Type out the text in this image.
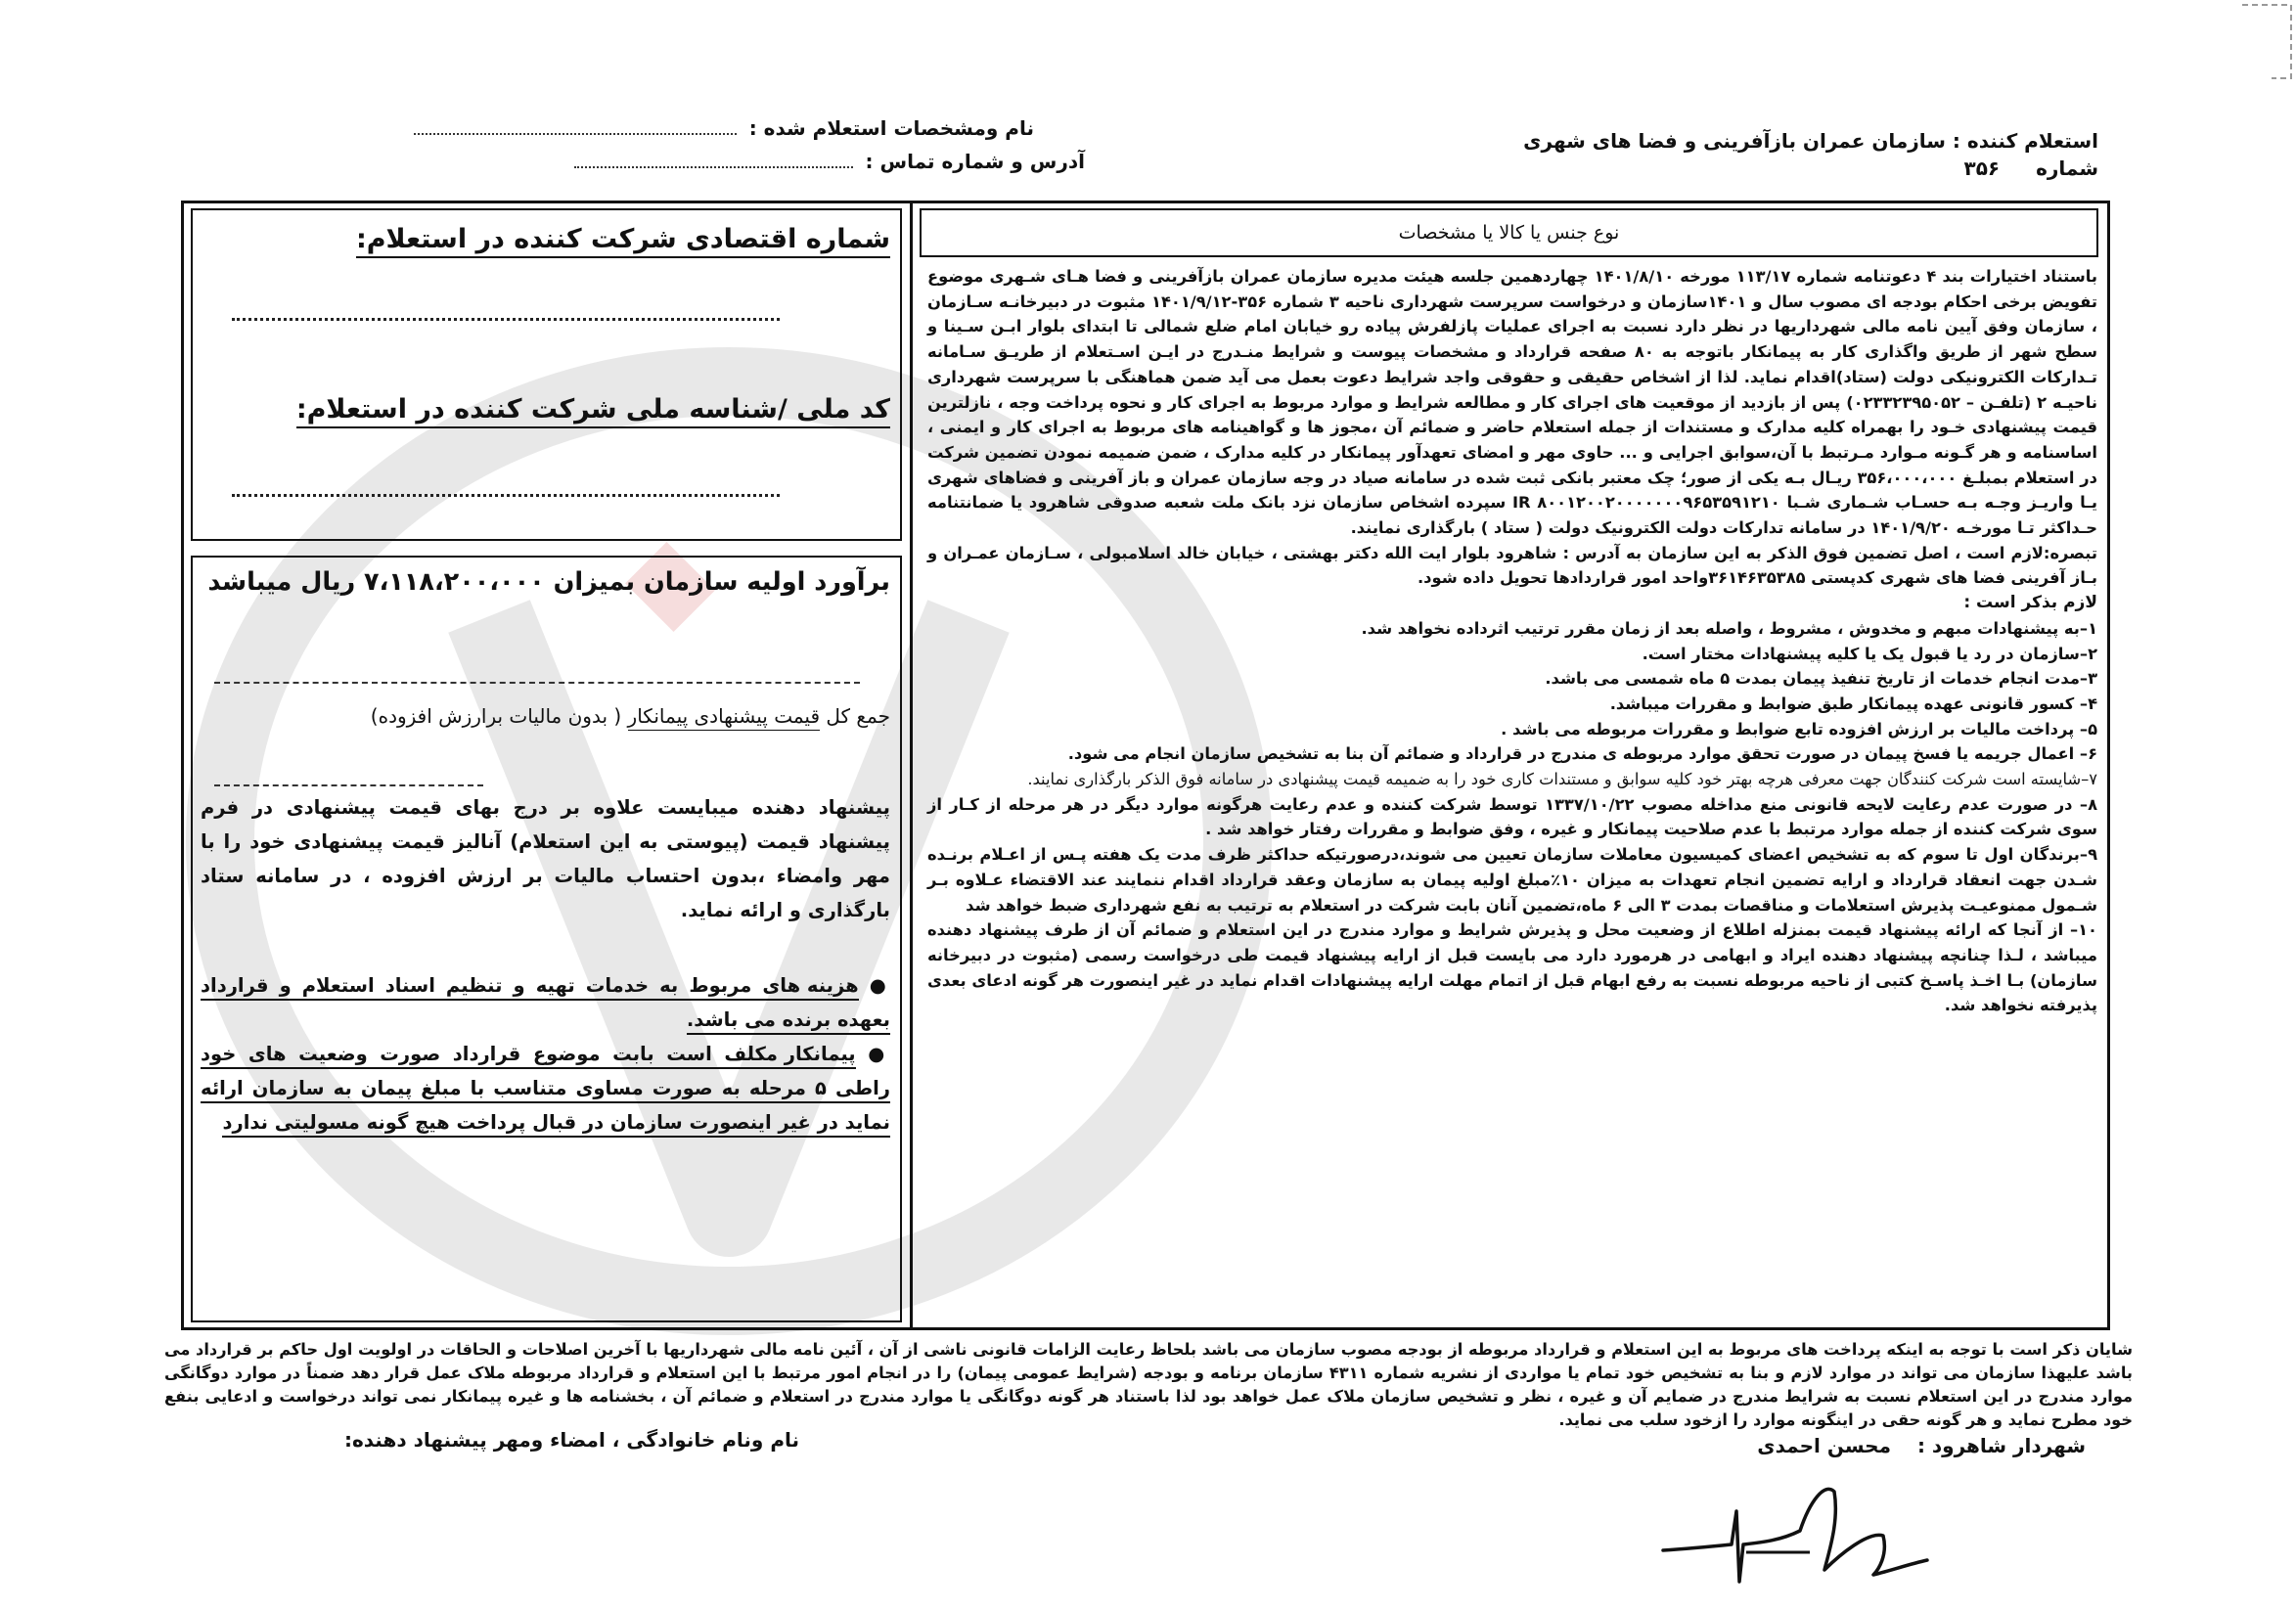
استعلام کننده : سازمان عمران بازآفرینی و فضا های شهری
شماره ۳۵۶
نام ومشخصات استعلام شده :
آدرس و شماره تماس :
نوع جنس یا کالا یا مشخصات

باستناد اختیارات بند ۴ دعوتنامه شماره ۱۱۳/۱۷ مورخه ۱۴۰۱/۸/۱۰ چهاردهمین جلسه هیئت مدیره سازمان عمران بازآفرینی و فضا هـای شـهری موضوع تفویض برخی احکام بودجه ای مصوب سال و ۱۴۰۱سازمان و درخواست سرپرست شهرداری ناحیه ۳ شماره ۳۵۶-۱۴۰۱/۹/۱۲ مثبوت در دبیرخانـه سـازمان ، سازمان وفق آیین نامه مالی شهرداریها در نظر دارد نسبت به اجرای عملیات پازلفرش پیاده رو خیابان امام ضلع شمالی تا ابتدای بلوار ابـن سـینا و سطح شهر از طریق واگذاری کار به پیمانکار باتوجه به ۸۰ صفحه قرارداد و مشخصات پیوست و شرایط منـدرج در ایـن اسـتعلام از طریـق سـامانه تـدارکات الکترونیکی دولت (ستاد)اقدام نماید. لذا از اشخاص حقیقی و حقوقی واجد شرایط دعوت بعمل می آید ضمن هماهنگی با سرپرست شهرداری ناحیـه ۲ (تلفـن – ۰۲۳۳۲۳۹۵۰۵۲) پس از بازدید از موقعیت های اجرای کار و مطالعه شرایط و موارد مربوط به اجرای کار و نحوه پرداخت وجه ، نازلترین قیمت پیشنهادی خـود را بهمراه کلیه مدارک و مستندات از جمله استعلام حاضر و ضمائم آن ،مجوز ها و گواهینامه های مربوط به اجرای کار و ایمنی ، اساسنامه و هر گـونه مـوارد مـرتبط با آن،سوابق اجرایی و ... حاوی مهر و امضای تعهدآور پیمانکار در کلیه مدارک ، ضمن ضمیمه نمودن تضمین شرکت در استعلام بمبلـغ ۳۵۶،۰۰۰،۰۰۰ ریـال بـه یکی از صور؛ چک معتبر بانکی ثبت شده در سامانه صیاد در وجه سازمان عمران و باز آفرینی و فضاهای شهری یـا واریـز وجـه بـه حسـاب شـماری شـبا IR ۸۰۰۱۲۰۰۲۰۰۰۰۰۰۰۹۶۵۳۵۹۱۲۱۰ سپرده اشخاص سازمان نزد بانک ملت شعبه صدوقی شاهرود یا ضمانتنامه حـداکثر تـا مورخـه ۱۴۰۱/۹/۲۰ در سامانه تدارکات دولت الکترونیک دولت ( ستاد ) بارگذاری نمایند.

تبصره:لازم است ، اصل تضمین فوق الذکر به این سازمان به آدرس : شاهرود بلوار ایت الله دکتر بهشتی ، خیابان خالد اسلامبولی ، سـازمان عمـران و بـاز آفرینی فضا های شهری کدپستی ۳۶۱۴۶۳۵۳۸۵واحد امور قراردادها تحویل داده شود.

لازم بذکر است :

۱–به پیشنهادات مبهم و مخدوش ، مشروط ، واصله بعد از زمان مقرر ترتیب اثرداده نخواهد شد.

۲–سازمان در رد یا قبول یک یا کلیه پیشنهادات مختار است.

۳–مدت انجام خدمات از تاریخ تنفیذ پیمان بمدت ۵ ماه شمسی می باشد.

۴– کسور قانونی عهده پیمانکار طبق ضوابط و مقررات میباشد.

۵– پرداخت مالیات بر ارزش افزوده تابع ضوابط و مقررات مربوطه می باشد .

۶– اعمال جریمه یا فسخ پیمان در صورت تحقق موارد مربوطه ی مندرج در قرارداد و ضمائم آن بنا به تشخیص سازمان انجام می شود.

۷–شایسته است شرکت کنندگان جهت معرفی هرچه بهتر خود کلیه سوابق و مستندات کاری خود را به ضمیمه قیمت پیشنهادی در سامانه فوق الذکر بارگذاری نمایند.

۸– در صورت عدم رعایت لایحه قانونی منع مداخله مصوب ۱۳۳۷/۱۰/۲۲ توسط شرکت کننده و عدم رعایت هرگونه موارد دیگر در هر مرحله از کـار از سوی شرکت کننده از جمله موارد مرتبط با عدم صلاحیت پیمانکار و غیره ، وفق ضوابط و مقررات رفتار خواهد شد .

۹–برندگان اول تا سوم که به تشخیص اعضای کمیسیون معاملات سازمان تعیین می شوند،درصورتیکه حداکثر ظرف مدت یک هفته پـس از اعـلام برنـده شـدن جهت انعقاد قرارداد و ارایه تضمین انجام تعهدات به میزان ۱۰٪مبلغ اولیه پیمان به سازمان وعقد قرارداد اقدام ننمایند عند الاقتضاء عـلاوه بـر شـمول ممنوعیـت پذیرش استعلامات و مناقصات بمدت ۳ الی ۶ ماه،تضمین آنان بابت شرکت در استعلام به ترتیب به نفع شهرداری ضبط خواهد شد

۱۰– از آنجا که ارائه پیشنهاد قیمت بمنزله اطلاع از وضعیت محل و پذیرش شرایط و موارد مندرج در این استعلام و ضمائم آن از طرف پیشنهاد دهنده میباشد ، لـذا چنانچه پیشنهاد دهنده ایراد و ابهامی در هرمورد دارد می بایست قبل از ارایه پیشنهاد قیمت طی درخواست رسمی (مثبوت در دبیرخانه سازمان) بـا اخـذ پاسـخ کتبی از ناحیه مربوطه نسبت به رفع ابهام قبل از اتمام مهلت ارایه پیشنهادات اقدام نماید در غیر اینصورت هر گونه ادعای بعدی پذیرفته نخواهد شد.

شماره اقتصادی شرکت کننده در استعلام:
کد ملی /شناسه ملی شرکت کننده در استعلام:
برآورد اولیه سازمان بمیزان ۷،۱۱۸،۲۰۰،۰۰۰ ریال میباشد
جمع کل قیمت پیشنهادی پیمانکار ( بدون مالیات برارزش افزوده)
پیشنهاد دهنده میبایست علاوه بر درج بهای قیمت پیشنهادی در فرم پیشنهاد قیمت (پیوستی به این استعلام) آنالیز قیمت پیشنهادی خود را با مهر وامضاء ،بدون احتساب مالیات بر ارزش افزوده ، در سامانه ستاد بارگذاری و ارائه نماید.

● هزینه های مربوط به خدمات تهیه و تنظیم اسناد استعلام و قرارداد بعهده برنده می باشد.

● پیمانکار مکلف است بابت موضوع قرارداد صورت وضعیت های خود راطی ۵ مرحله به صورت مساوی متناسب با مبلغ پیمان به سازمان ارائه نماید در غیر اینصورت سازمان در قبال پرداخت هیچ گونه مسولیتی ندارد

شایان ذکر است با توجه به اینکه پرداخت های مربوط به این استعلام و قرارداد مربوطه از بودجه مصوب سازمان می باشد بلحاظ رعایت الزامات قانونی ناشی از آن ، آئین نامه مالی شهرداریها با آخرین اصلاحات و الحاقات در اولویت اول حاکم بر قرارداد می باشد علیهذا سازمان می تواند در موارد لازم و بنا به تشخیص خود تمام یا مواردی از نشریه شماره ۴۳۱۱ سازمان برنامه و بودجه (شرایط عمومی پیمان) را در انجام امور مرتبط با این استعلام و قرارداد مربوطه ملاک عمل قرار دهد ضمناً در موارد دوگانگی موارد مندرج در این استعلام نسبت به شرایط مندرج در ضمایم آن و غیره ، نظر و تشخیص سازمان ملاک عمل خواهد بود لذا باستناد هر گونه دوگانگی یا موارد مندرج در استعلام و ضمائم آن ، بخشنامه ها و غیره پیمانکار نمی تواند درخواست و ادعایی بنفع خود مطرح نماید و هر گونه حقی در اینگونه موارد را ازخود سلب می نماید.
نام ونام خانوادگی ، امضاء ومهر پیشنهاد دهنده:	شهردار شاهرود : محسن احمدی
